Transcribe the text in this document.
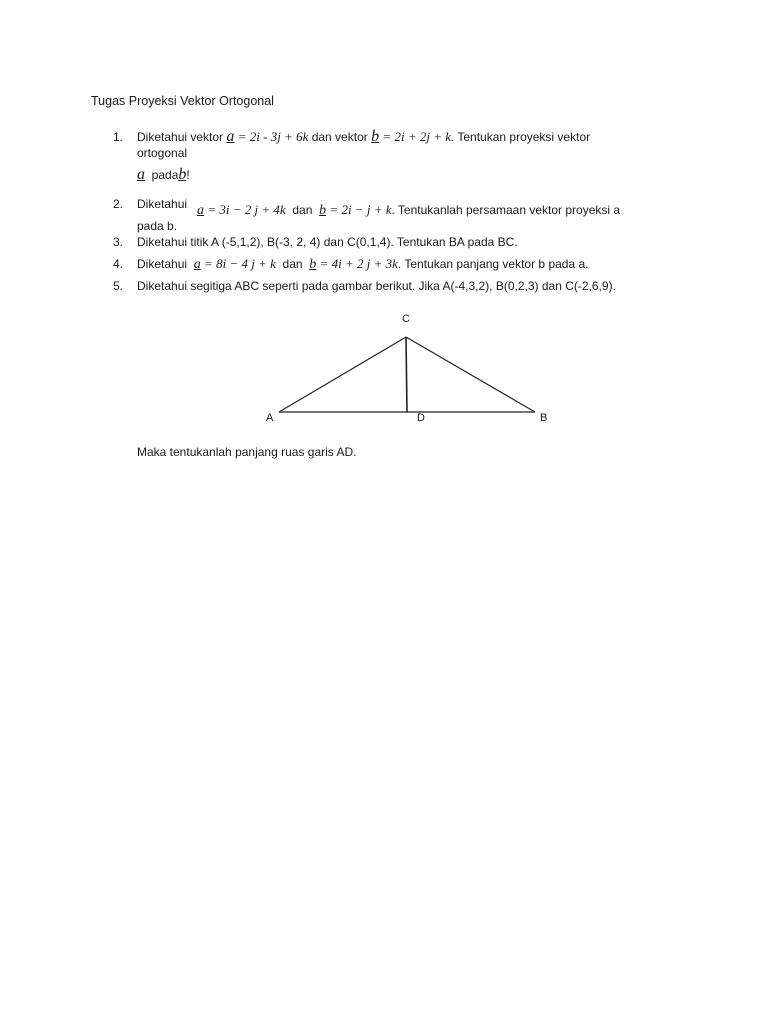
Tugas Proyeksi Vektor Ortogonal
1.	Diketahui vektor a = 2i - 3j + 6k dan vektor b = 2i + 2j + k. Tentukan proyeksi vektor
ortogonal
a padab!
2.	Diketahui a = 3i − 2 j + 4k dan b = 2i − j + k. Tentukanlah persamaan vektor proyeksi a
pada b.
3.	Diketahui titik A (-5,1,2), B(-3, 2, 4) dan C(0,1,4). Tentukan BA pada BC.
4.	Diketahui a = 8i − 4 j + k dan b = 4i + 2 j + 3k. Tentukan panjang vektor b pada a.
5.	Diketahui segitiga ABC seperti pada gambar berikut. Jika A(-4,3,2), B(0,2,3) dan C(-2,6,9).
C
A	D	B
Maka tentukanlah panjang ruas garis AD.
